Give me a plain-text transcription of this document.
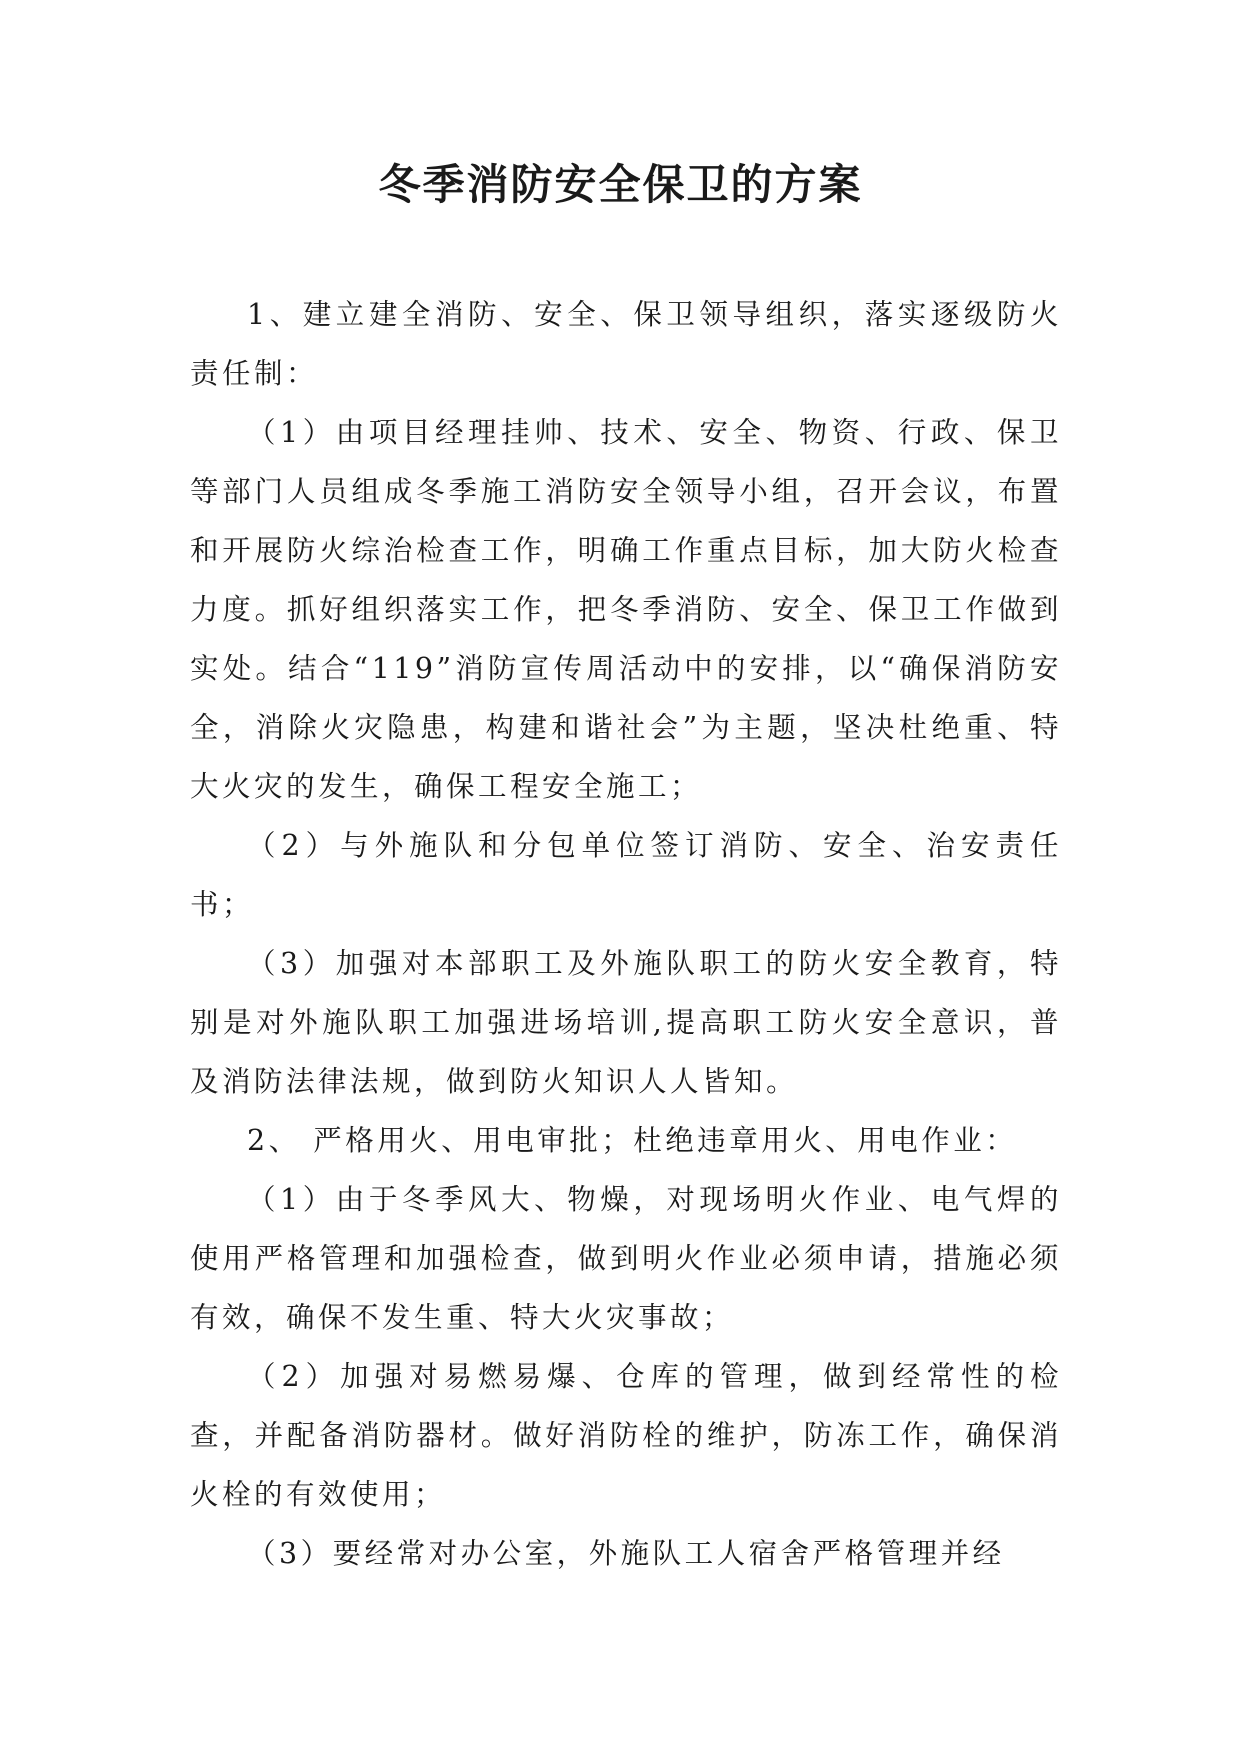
冬季消防安全保卫的方案

1、建立建全消防、安全、保卫领导组织，落实逐级防火责任制：

（1）由项目经理挂帅、技术、安全、物资、行政、保卫等部门人员组成冬季施工消防安全领导小组，召开会议，布置和开展防火综治检查工作，明确工作重点目标，加大防火检查力度。抓好组织落实工作，把冬季消防、安全、保卫工作做到实处。结合“119”消防宣传周活动中的安排，以“确保消防安全，消除火灾隐患，构建和谐社会”为主题，坚决杜绝重、特大火灾的发生，确保工程安全施工；

（2）与外施队和分包单位签订消防、安全、治安责任书；

（3）加强对本部职工及外施队职工的防火安全教育，特别是对外施队职工加强进场培训,提高职工防火安全意识，普及消防法律法规，做到防火知识人人皆知。

2、 严格用火、用电审批；杜绝违章用火、用电作业：

（1）由于冬季风大、物燥，对现场明火作业、电气焊的使用严格管理和加强检查，做到明火作业必须申请，措施必须有效，确保不发生重、特大火灾事故；

（2）加强对易燃易爆、仓库的管理，做到经常性的检查，并配备消防器材。做好消防栓的维护，防冻工作，确保消火栓的有效使用；

（3）要经常对办公室，外施队工人宿舍严格管理并经
